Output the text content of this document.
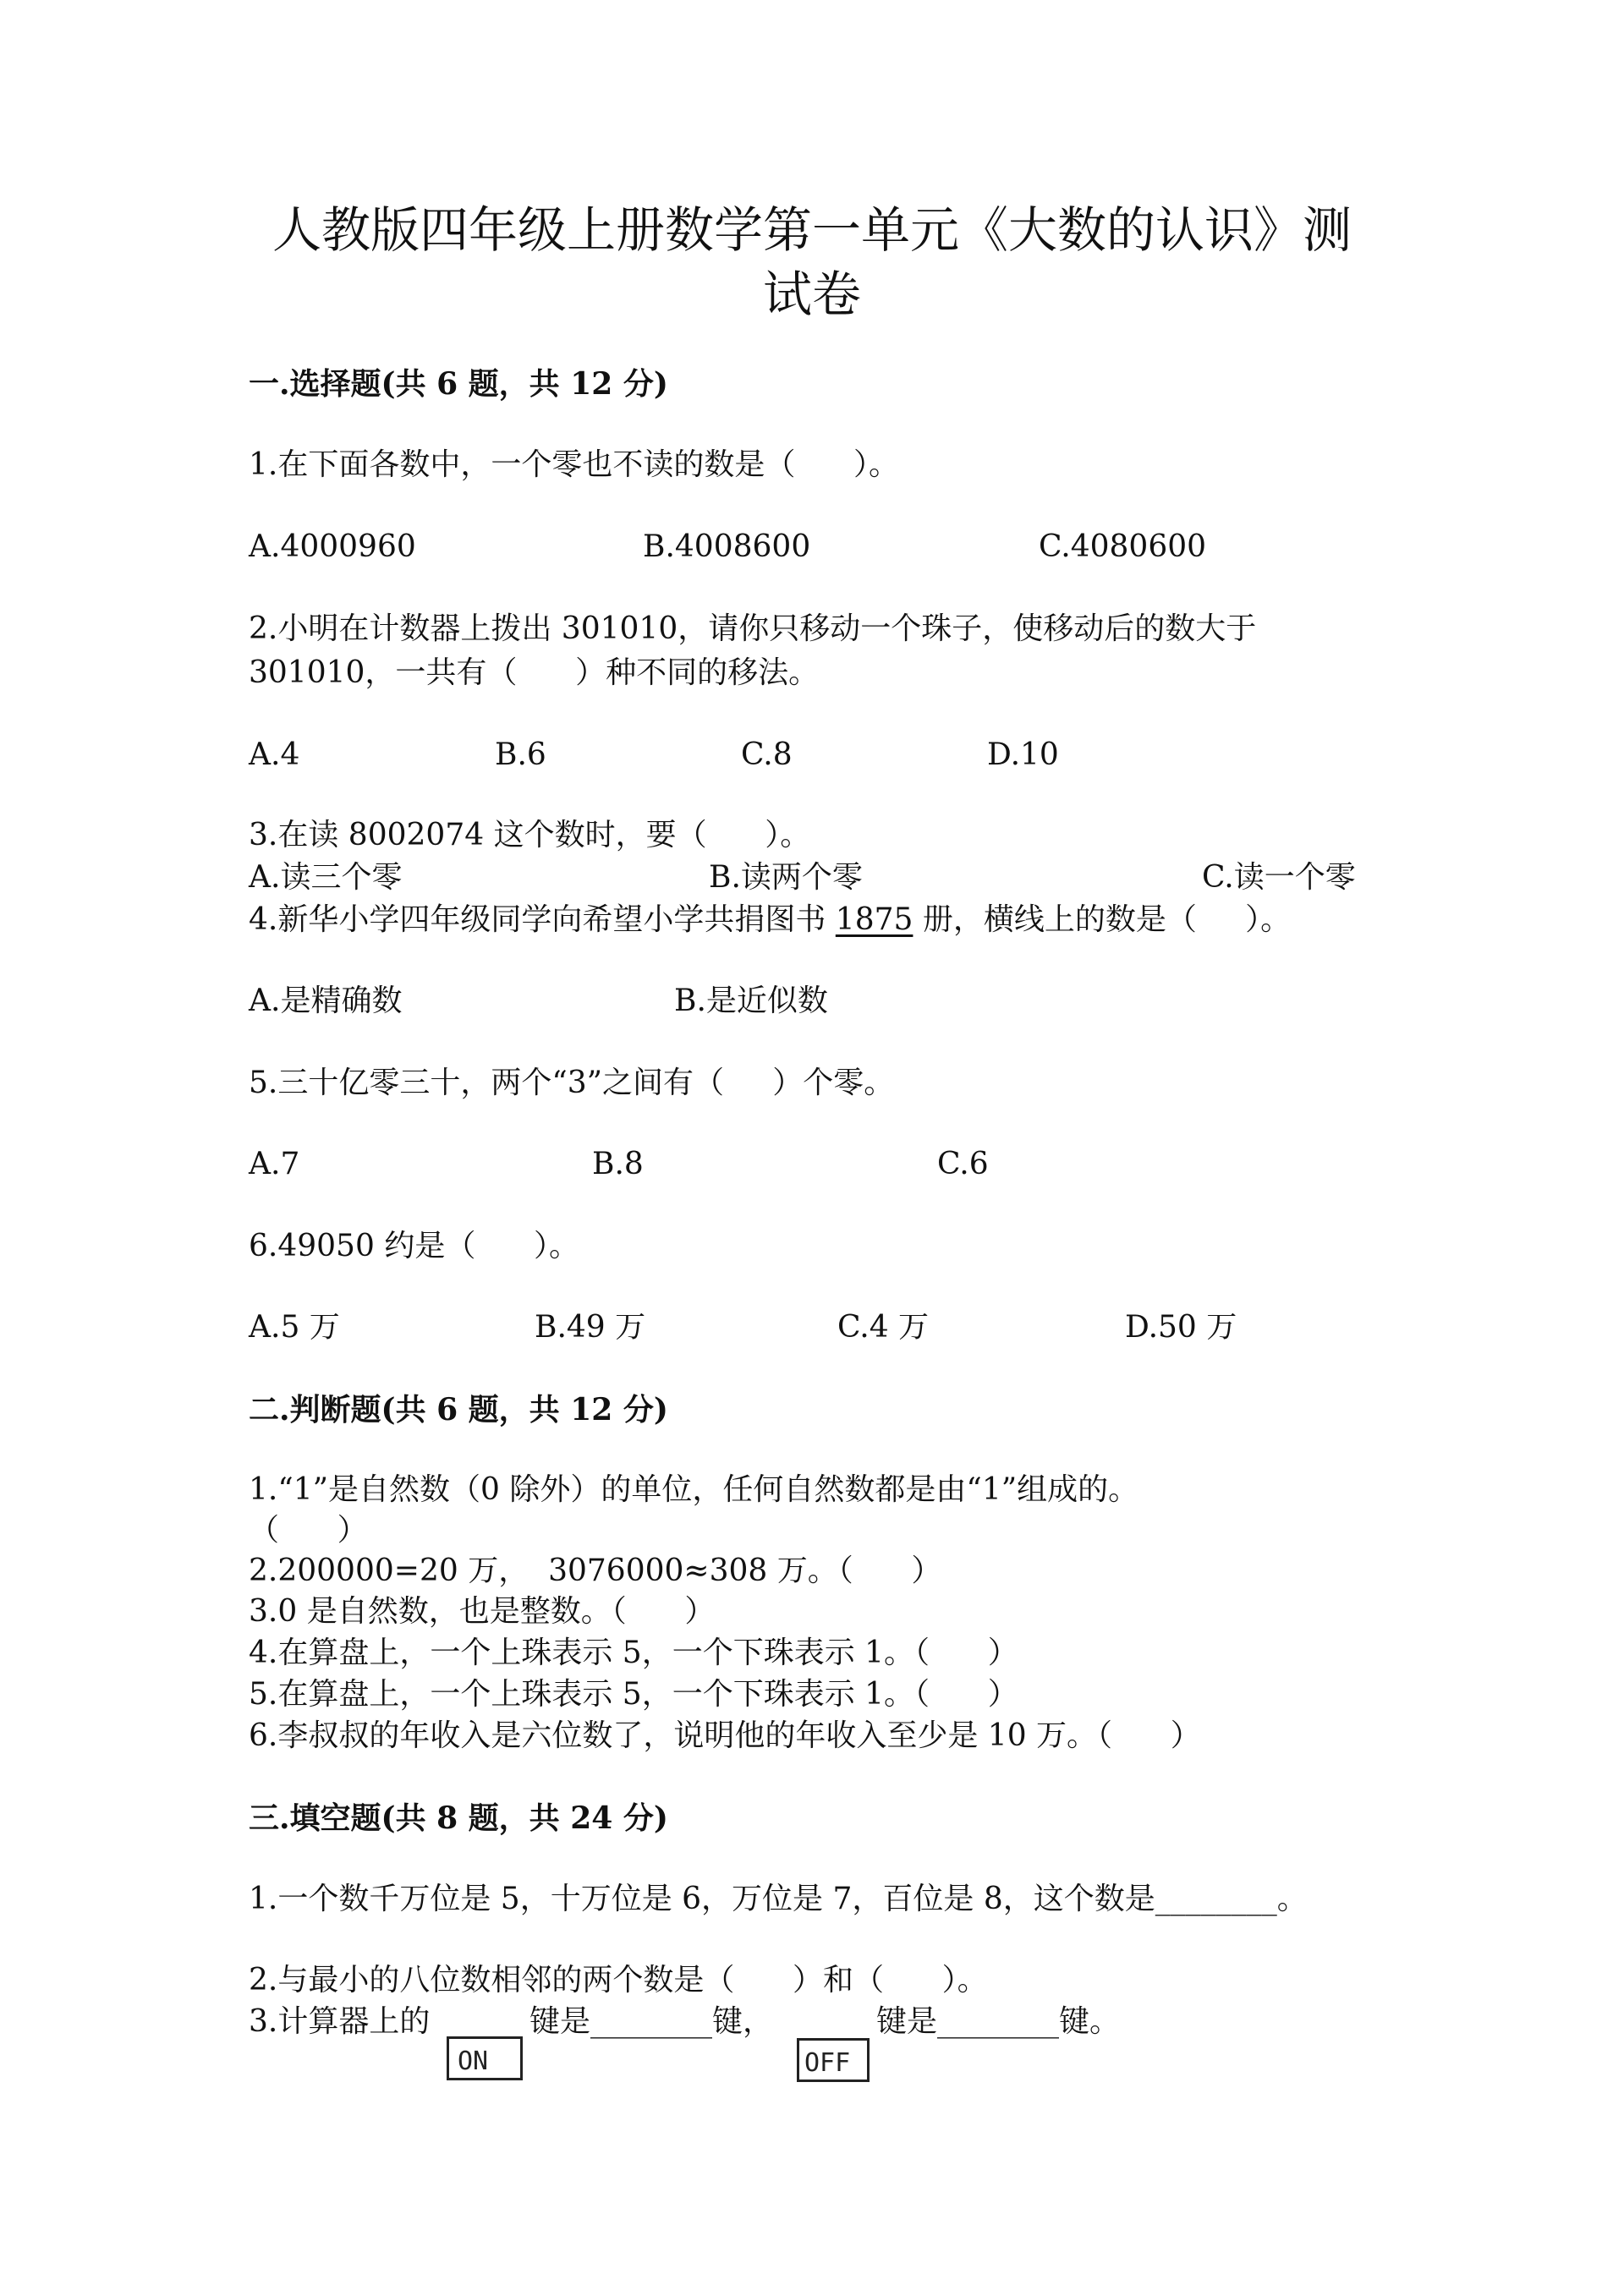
人教版四年级上册数学第一单元《大数的认识》测
试卷
一.选择题(共 6 题，共 12 分)
1.在下面各数中，一个零也不读的数是（      ）。
A.4000960	B.4008600	C.4080600
2.小明在计数器上拨出 301010，请你只移动一个珠子，使移动后的数大于
301010，一共有（      ）种不同的移法。
A.4	B.6	C.8	D.10
3.在读 8002074 这个数时，要（      ）。
A.读三个零	B.读两个零	C.读一个零
4.新华小学四年级同学向希望小学共捐图书 1875 册，横线上的数是（     ）。
A.是精确数	B.是近似数
5.三十亿零三十，两个“3”之间有（     ）个零。
A.7	B.8	C.6
6.49050 约是（      ）。
A.5 万	B.49 万	C.4 万	D.50 万
二.判断题(共 6 题，共 12 分)
1.“1”是自然数（0 除外）的单位，任何自然数都是由“1”组成的。
（      ）
2.200000=20 万，  3076000≈308 万。（      ）
3.0 是自然数，也是整数。（      ）
4.在算盘上，一个上珠表示 5，一个下珠表示 1。（      ）
5.在算盘上，一个上珠表示 5，一个下珠表示 1。（      ）
6.李叔叔的年收入是六位数了，说明他的年收入至少是 10 万。（      ）
三.填空题(共 8 题，共 24 分)
1.一个数千万位是 5，十万位是 6，万位是 7，百位是 8，这个数是________。
2.与最小的八位数相邻的两个数是（      ）和（      ）。
3.计算器上的
ON
键是________键，
OFF
键是________键。
